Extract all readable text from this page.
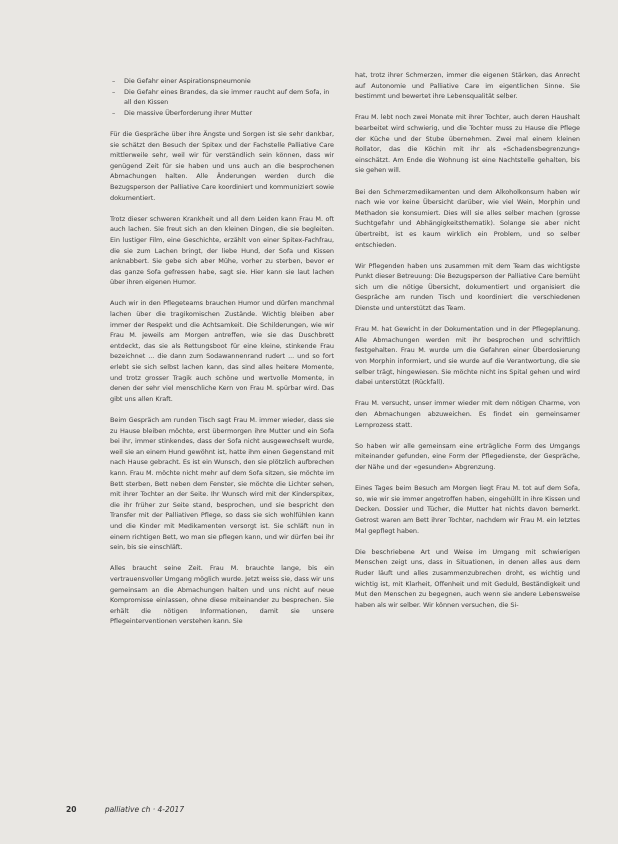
– Die Gefahr einer Aspirationspneumonie
– Die Gefahr eines Brandes, da sie immer raucht auf dem Sofa, in all den Kissen
– Die massive Überforderung ihrer Mutter

Für die Gespräche über ihre Ängste und Sorgen ist sie sehr dankbar, sie schätzt den Besuch der Spitex und der Fachstelle Palliative Care mittlerweile sehr, weil wir für verständlich sein können, dass wir genügend Zeit für sie haben und uns auch an die besprochenen Abmachungen halten. Alle Änderungen werden durch die Bezugsperson der Palliative Care koordiniert und kommuniziert sowie dokumentiert.

Trotz dieser schweren Krankheit und all dem Leiden kann Frau M. oft auch lachen. Sie freut sich an den kleinen Dingen, die sie begleiten. Ein lustiger Film, eine Geschichte, erzählt von einer Spitex-Fachfrau, die sie zum Lachen bringt, der liebe Hund, der Sofa und Kissen anknabbert. Sie gebe sich aber Mühe, vorher zu sterben, bevor er das ganze Sofa gefressen habe, sagt sie. Hier kann sie laut lachen über ihren eigenen Humor.

Auch wir in den Pflegeteams brauchen Humor und dürfen manchmal lachen über die tragikomischen Zustände. Wichtig bleiben aber immer der Respekt und die Achtsamkeit. Die Schilderungen, wie wir Frau M. jeweils am Morgen antreffen, wie sie das Duschbrett entdeckt, das sie als Rettungsboot für eine kleine, stinkende Frau bezeichnet ... die dann zum Sodawannenrand rudert ... und so fort erlebt sie sich selbst lachen kann, das sind alles heitere Momente, und trotz grosser Tragik auch schöne und wertvolle Momente, in denen der sehr viel menschliche Kern von Frau M. spürbar wird. Das gibt uns allen Kraft.

Beim Gespräch am runden Tisch sagt Frau M. immer wieder, dass sie zu Hause bleiben möchte, erst übermorgen ihre Mutter und ein Sofa bei ihr, immer stinkendes, dass der Sofa nicht ausgewechselt wurde, weil sie an einem Hund gewöhnt ist, hatte ihm einen Gegenstand mit nach Hause gebracht. Es ist ein Wunsch, den sie plötzlich aufbrechen kann. Frau M. möchte nicht mehr auf dem Sofa sitzen, sie möchte im Bett sterben, Bett neben dem Fenster, sie möchte die Lichter sehen, mit ihrer Tochter an der Seite. Ihr Wunsch wird mit der Kinderspitex, die ihr früher zur Seite stand, besprochen, und sie bespricht den Transfer mit der Palliativen Pflege, so dass sie sich wohlfühlen kann und die Kinder mit Medikamenten versorgt ist. Sie schläft nun in einem richtigen Bett, wo man sie pflegen kann, und wir dürfen bei ihr sein, bis sie einschläft.

Alles braucht seine Zeit. Frau M. brauchte lange, bis ein vertrauensvoller Umgang möglich wurde. Jetzt weiss sie, dass wir uns gemeinsam an die Abmachungen halten und uns nicht auf neue Kompromisse einlassen, ohne diese miteinander zu besprechen. Sie erhält die nötigen Informationen, damit sie unsere Pflegeinterventionen verstehen kann. Sie

hat, trotz ihrer Schmerzen, immer die eigenen Stärken, das Anrecht auf Autonomie und Palliative Care im eigentlichen Sinne. Sie bestimmt und bewertet ihre Lebensqualität selber.

Frau M. lebt noch zwei Monate mit ihrer Tochter, auch deren Haushalt bearbeitet wird schwierig, und die Tochter muss zu Hause die Pflege der Küche und der Stube übernehmen. Zwei mal einem kleinen Rollator, das die Köchin mit ihr als «Schadensbegrenzung» einschätzt. Am Ende die Wohnung ist eine Nachtstelle gehalten, bis sie gehen will.

Bei den Schmerzmedikamenten und dem Alkoholkonsum haben wir nach wie vor keine Übersicht darüber, wie viel Wein, Morphin und Methadon sie konsumiert. Dies will sie alles selber machen (grosse Suchtgefahr und Abhängigkeitsthematik). Solange sie aber nicht übertreibt, ist es kaum wirklich ein Problem, und so selber entschieden.

Wir Pflegenden haben uns zusammen mit dem Team das wichtigste Punkt dieser Betreuung: Die Bezugsperson der Palliative Care bemüht sich um die nötige Übersicht, dokumentiert und organisiert die Gespräche am runden Tisch und koordiniert die verschiedenen Dienste und unterstützt das Team.

Frau M. hat Gewicht in der Dokumentation und in der Pflegeplanung. Alle Abmachungen werden mit ihr besprochen und schriftlich festgehalten. Frau M. wurde um die Gefahren einer Überdosierung von Morphin informiert, und sie wurde auf die Verantwortung, die sie selber trägt, hingewiesen. Sie möchte nicht ins Spital gehen und wird dabei unterstützt (Rückfall).

Frau M. versucht, unser immer wieder mit dem nötigen Charme, von den Abmachungen abzuweichen. Es findet ein gemeinsamer Lernprozess statt.

So haben wir alle gemeinsam eine erträgliche Form des Umgangs miteinander gefunden, eine Form der Pflegedienste, der Gespräche, der Nähe und der «gesunden» Abgrenzung.

Eines Tages beim Besuch am Morgen liegt Frau M. tot auf dem Sofa, so, wie wir sie immer angetroffen haben, eingehüllt in ihre Kissen und Decken. Dossier und Tücher, die Mutter hat nichts davon bemerkt. Getrost waren am Bett ihrer Tochter, nachdem wir Frau M. ein letztes Mal gepflegt haben.

Die beschriebene Art und Weise im Umgang mit schwierigen Menschen zeigt uns, dass in Situationen, in denen alles aus dem Ruder läuft und alles zusammenzubrechen droht, es wichtig und wichtig ist, mit Klarheit, Offenheit und mit Geduld, Beständigkeit und Mut den Menschen zu begegnen, auch wenn sie andere Lebensweise haben als wir selber. Wir können versuchen, die Si-

20	palliative ch · 4-2017
